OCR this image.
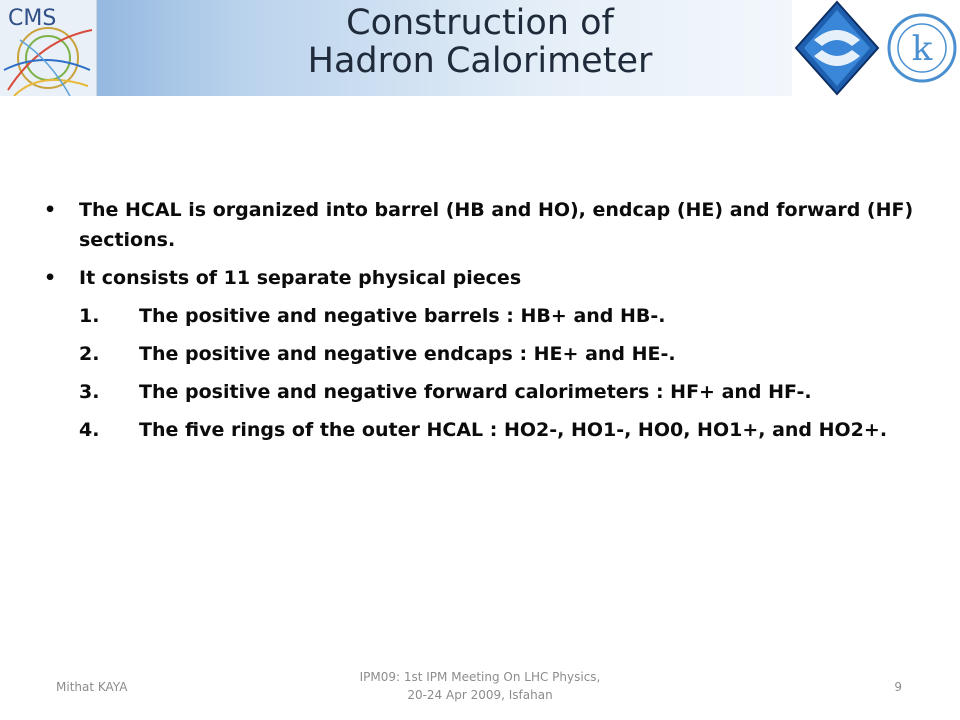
CMS	Construction of
Hadron Calorimeter	k
• The HCAL is organized into barrel (HB and HO), endcap (HE) and forward (HF) sections.
• It consists of 11 separate physical pieces
1. The positive and negative barrels : HB+ and HB-.
2. The positive and negative endcaps : HE+ and HE-.
3. The positive and negative forward calorimeters : HF+ and HF-.
4. The five rings of the outer HCAL : HO2-, HO1-, HO0, HO1+, and HO2+.
Mithat KAYA
IPM09: 1st IPM Meeting On LHC Physics,
20-24 Apr 2009, Isfahan
9
